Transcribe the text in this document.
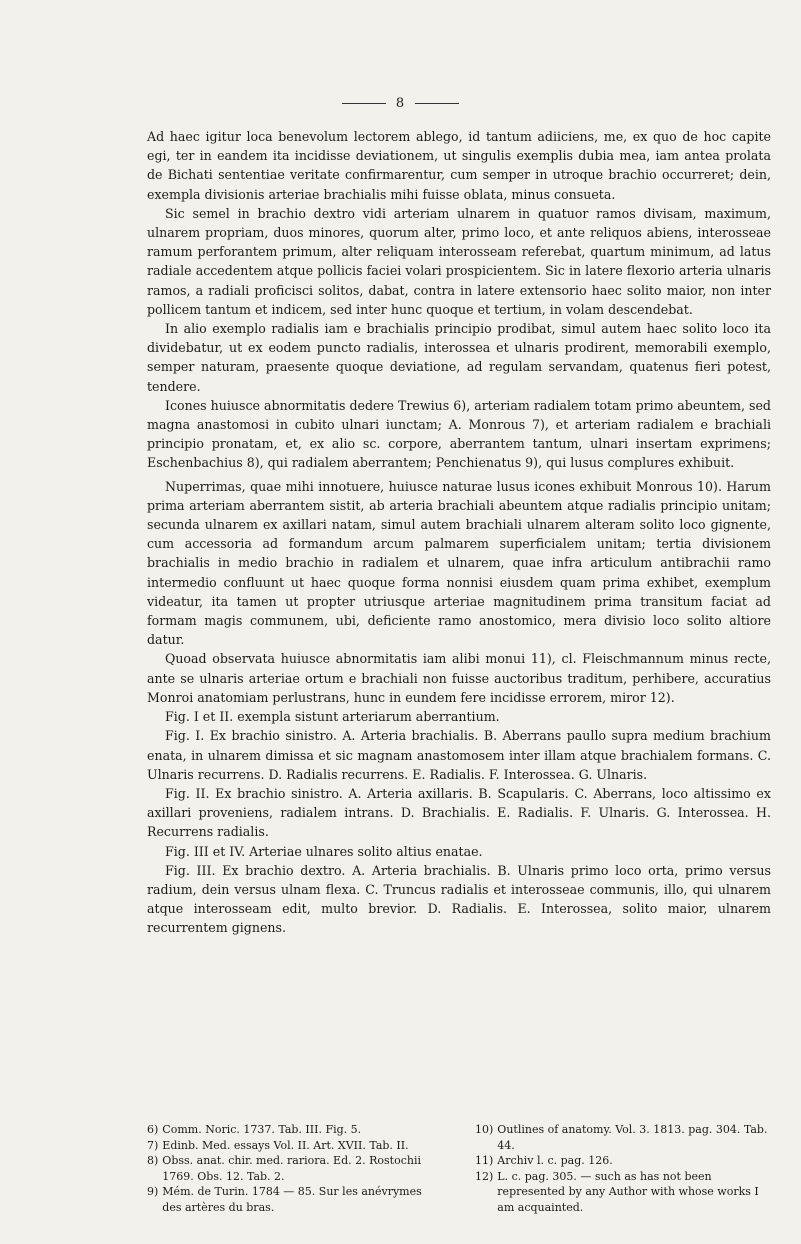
8

Ad haec igitur loca benevolum lectorem ablego, id tantum adiiciens, me, ex quo de hoc capite egi, ter in eandem ita incidisse deviationem, ut singulis exemplis dubia mea, iam antea prolata de Bichati sententiae veritate confirmarentur, cum semper in utroque brachio occurreret; dein, exempla divisionis arteriae brachialis mihi fuisse oblata, minus consueta.

Sic semel in brachio dextro vidi arteriam ulnarem in quatuor ramos divisam, maximum, ulnarem propriam, duos minores, quorum alter, primo loco, et ante reliquos abiens, interosseae ramum perforantem primum, alter reliquam interosseam referebat, quartum minimum, ad latus radiale accedentem atque pollicis faciei volari prospicientem. Sic in latere flexorio arteria ulnaris ramos, a radiali proficisci solitos, dabat, contra in latere extensorio haec solito maior, non inter pollicem tantum et indicem, sed inter hunc quoque et tertium, in volam descendebat.

In alio exemplo radialis iam e brachialis principio prodibat, simul autem haec solito loco ita dividebatur, ut ex eodem puncto radialis, interossea et ulnaris prodirent, memorabili exemplo, semper naturam, praesente quoque deviatione, ad regulam servandam, quatenus fieri potest, tendere.

Icones huiusce abnormitatis dedere Trewius 6), arteriam radialem totam primo abeuntem, sed magna anastomosi in cubito ulnari iunctam; A. Monrous 7), et arteriam radialem e brachiali principio pronatam, et, ex alio sc. corpore, aberrantem tantum, ulnari insertam exprimens; Eschenbachius 8), qui radialem aberrantem; Penchienatus 9), qui lusus complures exhibuit.

Nuperrimas, quae mihi innotuere, huiusce naturae lusus icones exhibuit Monrous 10). Harum prima arteriam aberrantem sistit, ab arteria brachiali abeuntem atque radialis principio unitam; secunda ulnarem ex axillari natam, simul autem brachiali ulnarem alteram solito loco gignente, cum accessoria ad formandum arcum palmarem superficialem unitam; tertia divisionem brachialis in medio brachio in radialem et ulnarem, quae infra articulum antibrachii ramo intermedio confluunt ut haec quoque forma nonnisi eiusdem quam prima exhibet, exemplum videatur, ita tamen ut propter utriusque arteriae magnitudinem prima transitum faciat ad formam magis communem, ubi, deficiente ramo anostomico, mera divisio loco solito altiore datur.

Quoad observata huiusce abnormitatis iam alibi monui 11), cl. Fleischmannum minus recte, ante se ulnaris arteriae ortum e brachiali non fuisse auctoribus traditum, perhibere, accuratius Monroi anatomiam perlustrans, hunc in eundem fere incidisse errorem, miror 12).

Fig. I et II. exempla sistunt arteriarum aberrantium.

Fig. I. Ex brachio sinistro. A. Arteria brachialis. B. Aberrans paullo supra medium brachium enata, in ulnarem dimissa et sic magnam anastomosem inter illam atque brachialem formans. C. Ulnaris recurrens. D. Radialis recurrens. E. Radialis. F. Interossea. G. Ulnaris.

Fig. II. Ex brachio sinistro. A. Arteria axillaris. B. Scapularis. C. Aberrans, loco altissimo ex axillari proveniens, radialem intrans. D. Brachialis. E. Radialis. F. Ulnaris. G. Interossea. H. Recurrens radialis.

Fig. III et IV. Arteriae ulnares solito altius enatae.

Fig. III. Ex brachio dextro. A. Arteria brachialis. B. Ulnaris primo loco orta, primo versus radium, dein versus ulnam flexa. C. Truncus radialis et interosseae communis, illo, qui ulnarem atque interosseam edit, multo brevior. D. Radialis. E. Interossea, solito maior, ulnarem recurrentem gignens.

6) Comm. Noric. 1737. Tab. III. Fig. 5.
7) Edinb. Med. essays Vol. II. Art. XVII. Tab. II.
8) Obss. anat. chir. med. rariora. Ed. 2. Rostochii 1769. Obs. 12. Tab. 2.
9) Mém. de Turin. 1784 — 85. Sur les anévrymes des artères du bras.
10) Outlines of anatomy. Vol. 3. 1813. pag. 304. Tab. 44.
11) Archiv l. c. pag. 126.
12) L. c. pag. 305. — such as has not been represented by any Author with whose works I am acquainted.
